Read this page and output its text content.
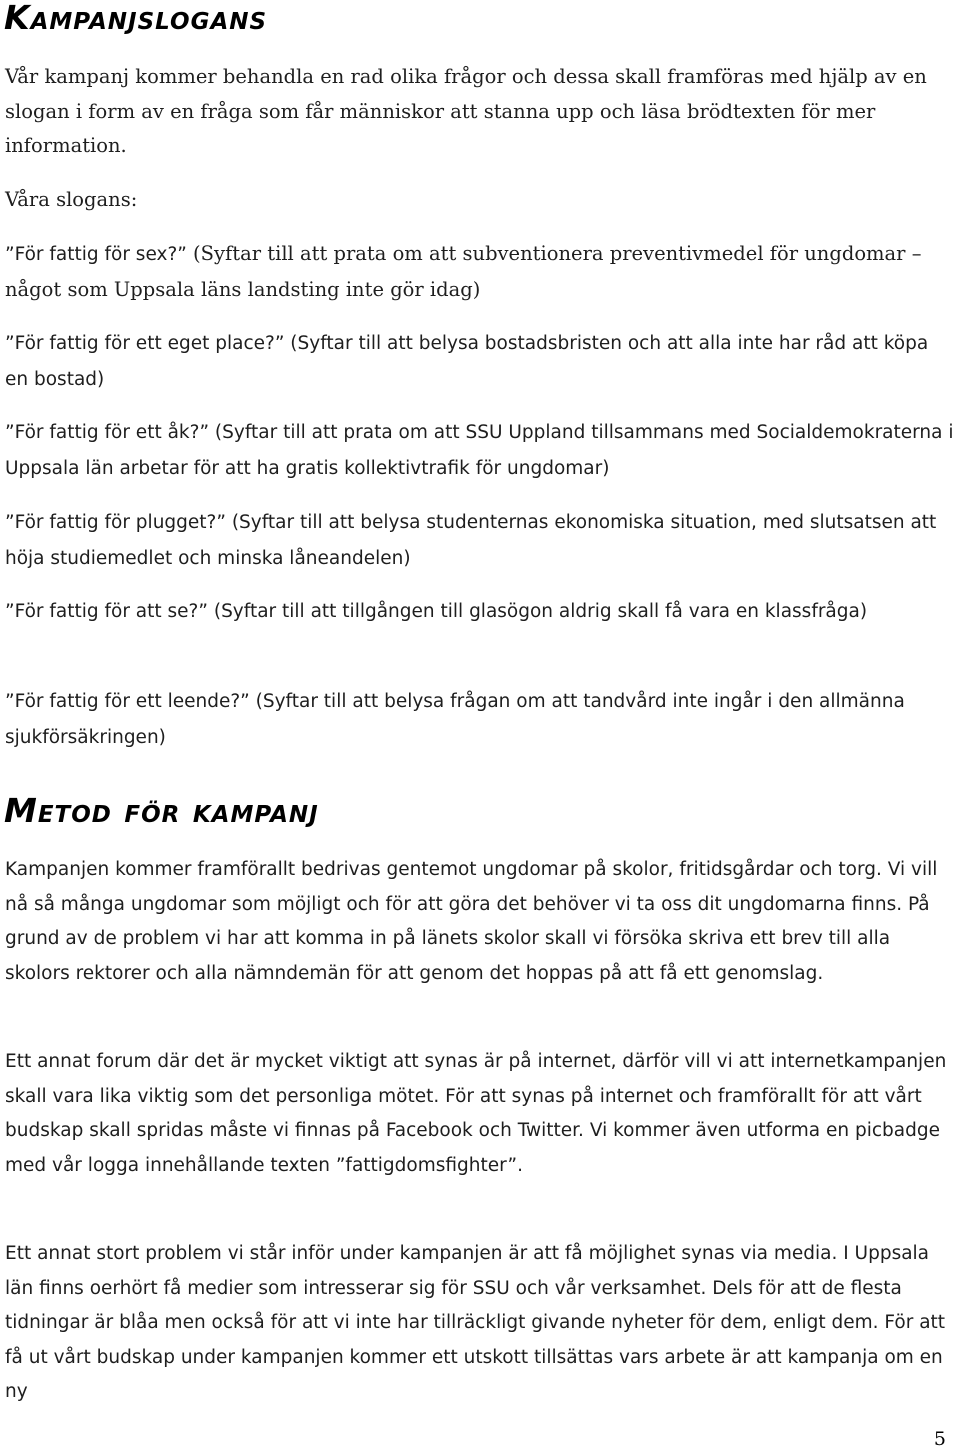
Kampanjslogans

Vår kampanj kommer behandla en rad olika frågor och dessa skall framföras med hjälp av en slogan i form av en fråga som får människor att stanna upp och läsa brödtexten för mer information.

Våra slogans:

”För fattig för sex?” (Syftar till att prata om att subventionera preventivmedel för ungdomar – något som Uppsala läns landsting inte gör idag)

”För fattig för ett eget place?” (Syftar till att belysa bostadsbristen och att alla inte har råd att köpa en bostad)

”För fattig för ett åk?” (Syftar till att prata om att SSU Uppland tillsammans med Socialdemokraterna i Uppsala län arbetar för att ha gratis kollektivtrafik för ungdomar)

”För fattig för plugget?” (Syftar till att belysa studenternas ekonomiska situation, med slutsatsen att höja studiemedlet och minska låneandelen)

”För fattig för att se?” (Syftar till att tillgången till glasögon aldrig skall få vara en klassfråga)

”För fattig för ett leende?” (Syftar till att belysa frågan om att tandvård inte ingår i den allmänna sjukförsäkringen)

Metod för kampanj

Kampanjen kommer framförallt bedrivas gentemot ungdomar på skolor, fritidsgårdar och torg. Vi vill nå så många ungdomar som möjligt och för att göra det behöver vi ta oss dit ungdomarna finns. På grund av de problem vi har att komma in på länets skolor skall vi försöka skriva ett brev till alla skolors rektorer och alla nämndemän för att genom det hoppas på att få ett genomslag.

Ett annat forum där det är mycket viktigt att synas är på internet, därför vill vi att internetkampanjen skall vara lika viktig som det personliga mötet. För att synas på internet och framförallt för att vårt budskap skall spridas måste vi finnas på Facebook och Twitter. Vi kommer även utforma en picbadge med vår logga innehållande texten ”fattigdomsfighter”.

Ett annat stort problem vi står inför under kampanjen är att få möjlighet synas via media. I Uppsala län finns oerhört få medier som intresserar sig för SSU och vår verksamhet. Dels för att de flesta tidningar är blåa men också för att vi inte har tillräckligt givande nyheter för dem, enligt dem. För att få ut vårt budskap under kampanjen kommer ett utskott tillsättas vars arbete är att kampanja om en ny

5
